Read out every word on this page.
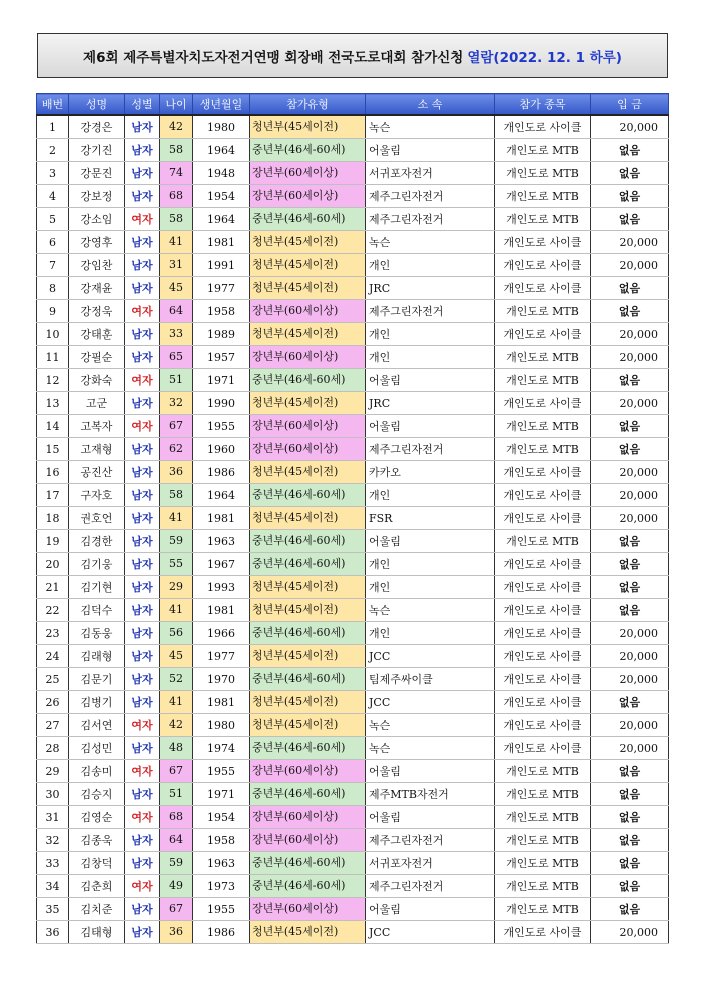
제6회 제주특별자치도자전거연맹 회장배 전국도로대회 참가신청 열람(2022. 12. 1 하루)
배번	성명	성별	나이	생년월일	참가유형	소 속	참가 종목	입 금
1	강경은	남자	42	1980	청년부(45세이전)	녹슨	개인도로 사이클	20,000
2	강기진	남자	58	1964	중년부(46세-60세)	어울림	개인도로 MTB	없음
3	강문진	남자	74	1948	장년부(60세이상)	서귀포자전거	개인도로 MTB	없음
4	강보정	남자	68	1954	장년부(60세이상)	제주그린자전거	개인도로 MTB	없음
5	강소임	여자	58	1964	중년부(46세-60세)	제주그린자전거	개인도로 MTB	없음
6	강영후	남자	41	1981	청년부(45세이전)	녹슨	개인도로 사이클	20,000
7	강임찬	남자	31	1991	청년부(45세이전)	개인	개인도로 사이클	20,000
8	강재윤	남자	45	1977	청년부(45세이전)	JRC	개인도로 사이클	없음
9	강정욱	여자	64	1958	장년부(60세이상)	제주그린자전거	개인도로 MTB	없음
10	강태훈	남자	33	1989	청년부(45세이전)	개인	개인도로 사이클	20,000
11	강필순	남자	65	1957	장년부(60세이상)	개인	개인도로 MTB	20,000
12	강화숙	여자	51	1971	중년부(46세-60세)	어울림	개인도로 MTB	없음
13	고군	남자	32	1990	청년부(45세이전)	JRC	개인도로 사이클	20,000
14	고복자	여자	67	1955	장년부(60세이상)	어울림	개인도로 MTB	없음
15	고재형	남자	62	1960	장년부(60세이상)	제주그린자전거	개인도로 MTB	없음
16	공진산	남자	36	1986	청년부(45세이전)	카카오	개인도로 사이클	20,000
17	구자호	남자	58	1964	중년부(46세-60세)	개인	개인도로 사이클	20,000
18	권호언	남자	41	1981	청년부(45세이전)	FSR	개인도로 사이클	20,000
19	김경한	남자	59	1963	중년부(46세-60세)	어울림	개인도로 MTB	없음
20	김기웅	남자	55	1967	중년부(46세-60세)	개인	개인도로 사이클	없음
21	김기현	남자	29	1993	청년부(45세이전)	개인	개인도로 사이클	없음
22	김덕수	남자	41	1981	청년부(45세이전)	녹슨	개인도로 사이클	없음
23	김동웅	남자	56	1966	중년부(46세-60세)	개인	개인도로 사이클	20,000
24	김래형	남자	45	1977	청년부(45세이전)	JCC	개인도로 사이클	20,000
25	김문기	남자	52	1970	중년부(46세-60세)	팀제주싸이클	개인도로 사이클	20,000
26	김병기	남자	41	1981	청년부(45세이전)	JCC	개인도로 사이클	없음
27	김서연	여자	42	1980	청년부(45세이전)	녹슨	개인도로 사이클	20,000
28	김성민	남자	48	1974	중년부(46세-60세)	녹슨	개인도로 사이클	20,000
29	김송미	여자	67	1955	장년부(60세이상)	어울림	개인도로 MTB	없음
30	김승지	남자	51	1971	중년부(46세-60세)	제주MTB자전거	개인도로 MTB	없음
31	김영순	여자	68	1954	장년부(60세이상)	어울림	개인도로 MTB	없음
32	김종욱	남자	64	1958	장년부(60세이상)	제주그린자전거	개인도로 MTB	없음
33	김창덕	남자	59	1963	중년부(46세-60세)	서귀포자전거	개인도로 MTB	없음
34	김춘희	여자	49	1973	중년부(46세-60세)	제주그린자전거	개인도로 MTB	없음
35	김치준	남자	67	1955	장년부(60세이상)	어울림	개인도로 MTB	없음
36	김태형	남자	36	1986	청년부(45세이전)	JCC	개인도로 사이클	20,000
